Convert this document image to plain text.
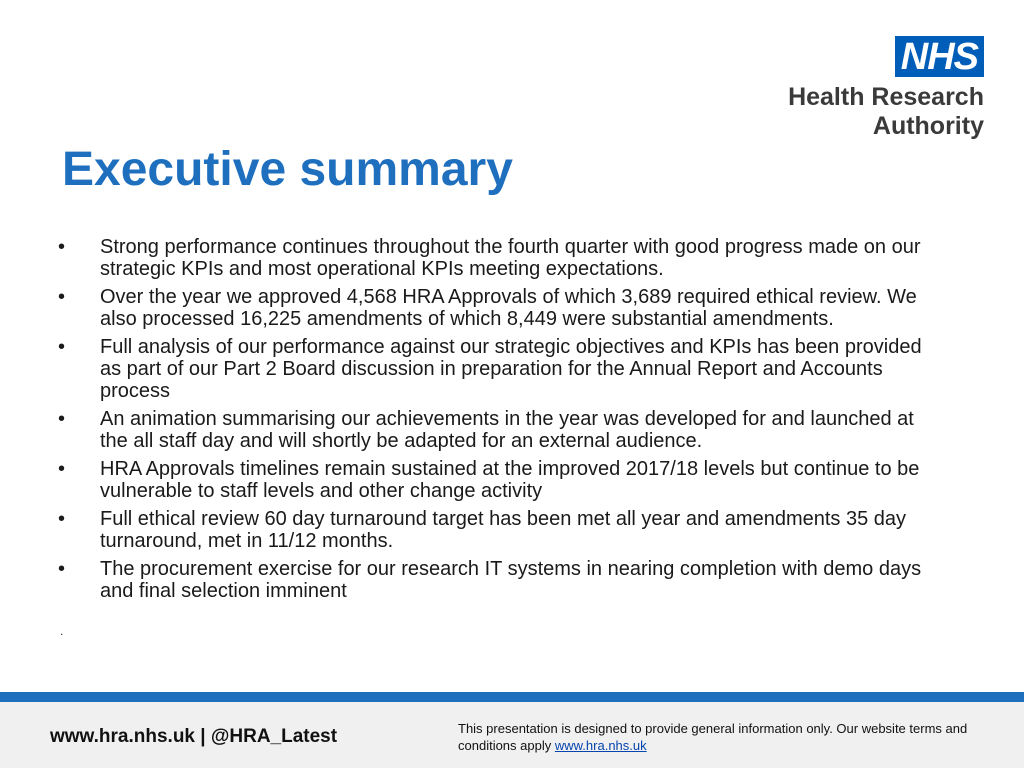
NHS
Health Research
Authority
Executive summary
• Strong performance continues throughout the fourth quarter with good progress made on our strategic KPIs and most operational KPIs meeting expectations.
• Over the year we approved 4,568 HRA Approvals of which 3,689 required ethical review. We also processed 16,225 amendments of which 8,449 were substantial amendments.
• Full analysis of our performance against our strategic objectives and KPIs has been provided as part of our Part 2 Board discussion in preparation for the Annual Report and Accounts process
• An animation summarising our achievements in the year was developed for and launched at the all staff day and will shortly be adapted for an external audience.
• HRA Approvals timelines remain sustained at the improved 2017/18 levels but continue to be vulnerable to staff levels and other change activity
• Full ethical review 60 day turnaround target has been met all year and amendments 35 day turnaround, met in 11/12 months.
• The procurement exercise for our research IT systems in nearing completion with demo days and final selection imminent
.
www.hra.nhs.uk | @HRA_Latest	This presentation is designed to provide general information only. Our website terms and conditions apply www.hra.nhs.uk
